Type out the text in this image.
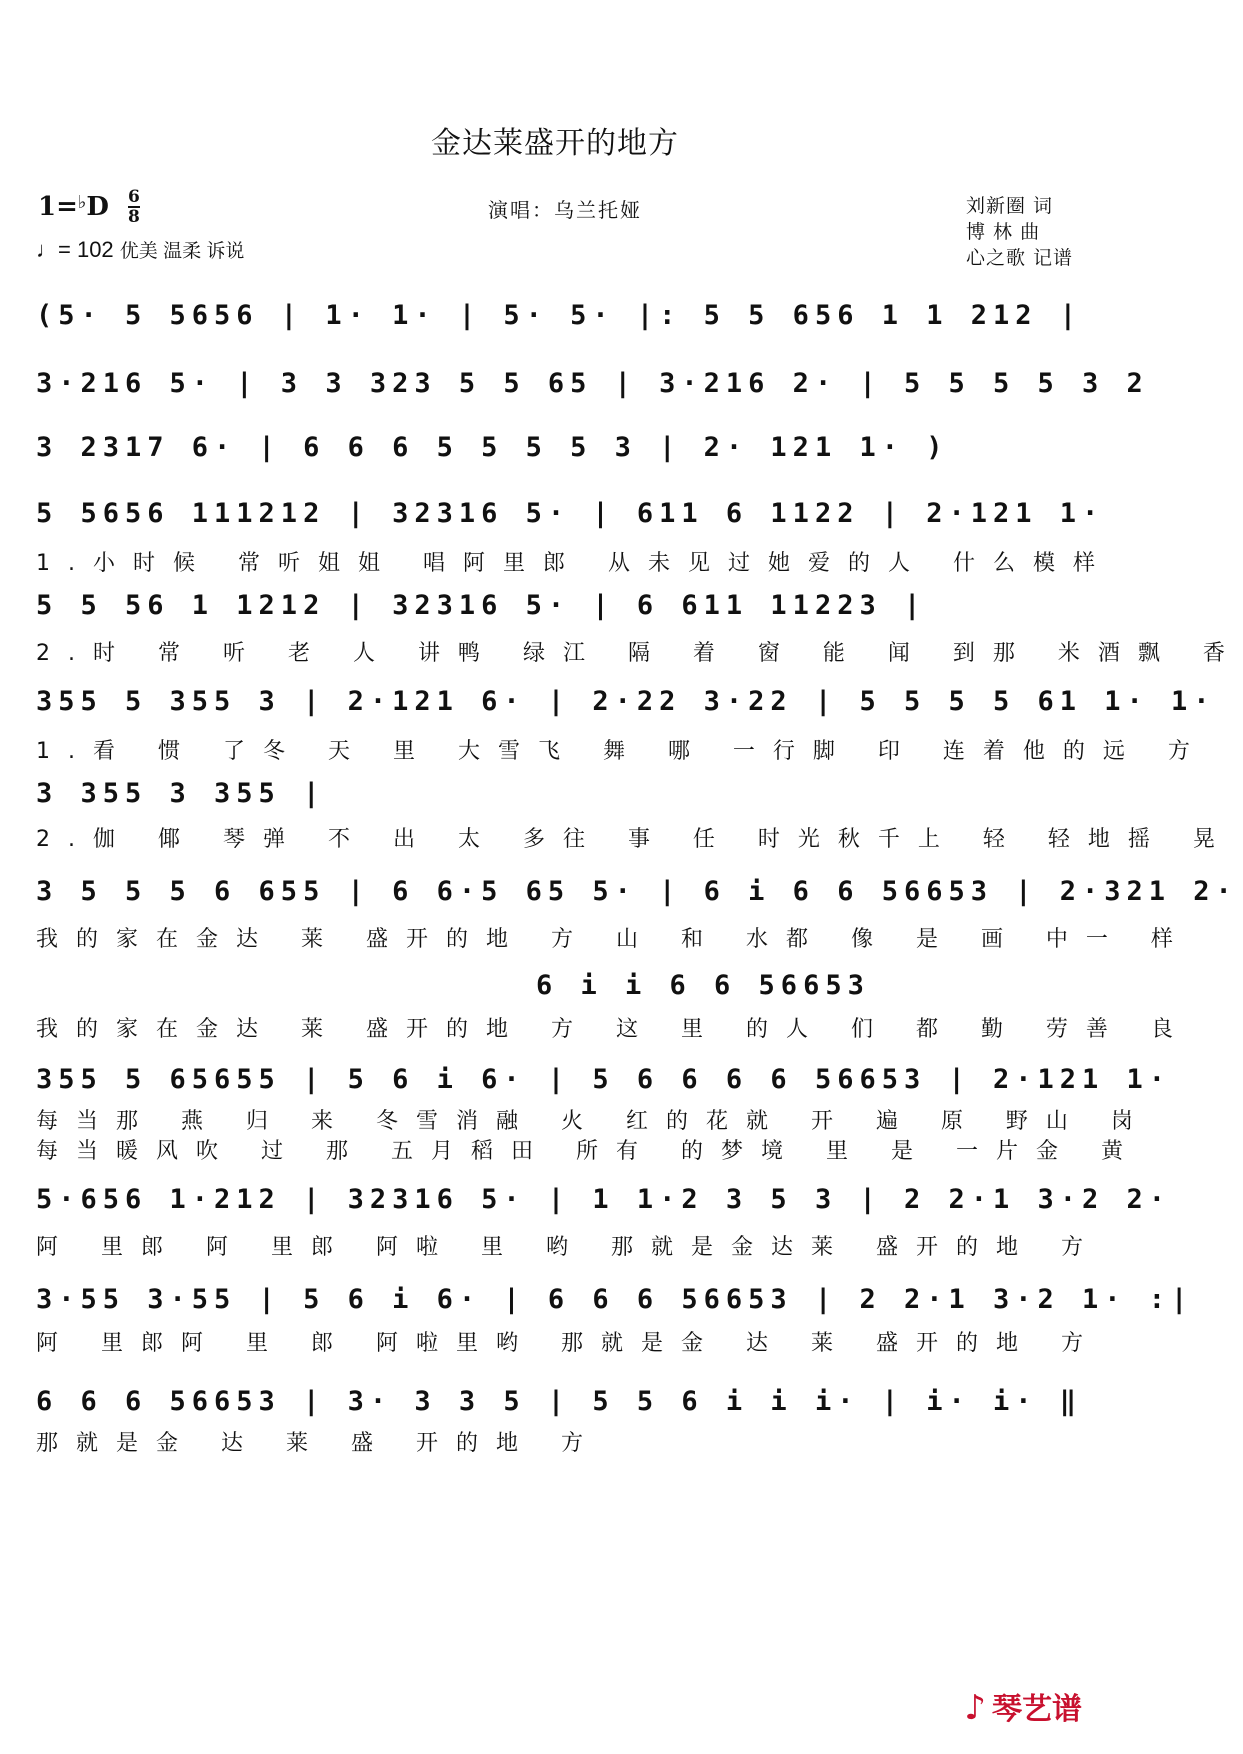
金达莱盛开的地方
1=♭D 6
8
♩= 102 优美 温柔 诉说
演唱：乌兰托娅	刘新圈 词
博 林 曲
心之歌 记谱
(5· 5 5656 | 1· 1· | 5· 5· |: 5 5 656 1 1 212 |
3·216 5· | 3 3 323 5 5 65 | 3·216 2· | 5 5 5 5 3 2
3 2317 6· | 6 6 6 5 5 5 5 3 | 2· 121 1· )
5 5656 111212 | 32316 5· | 611 6 1122 | 2·121 1·
1.小时候 常听姐姐 唱阿里郎 从未见过她爱的人 什么模样
5 5 56 1 1212 | 32316 5· | 6 611 11223 |
2.时 常 听 老 人 讲鸭 绿江 隔 着 窗 能 闻 到那 米酒飘 香
355 5 355 3 | 2·121 6· | 2·22 3·22 | 5 5 5 5 61 1· 1·
1.看 惯 了冬 天 里 大雪飞 舞 哪 一行脚 印 连着他的远 方
3 355 3 355 |
2.伽 倻 琴弹 不 出 太 多往 事 任 时光秋千上 轻 轻地摇 晃
3 5 5 5 6 655 | 6 6·5 65 5· | 6 i 6 6 56653 | 2·321 2·
我的家在金达 莱 盛开的地 方 山 和 水都 像 是 画 中一 样
6 i i 6 6 56653
我的家在金达 莱 盛开的地 方 这 里 的人 们 都 勤 劳善 良
355 5 65655 | 5 6 i 6· | 5 6 6 6 6 56653 | 2·121 1·
每当那 燕 归 来 冬雪消融 火 红的花就 开 遍 原 野山 岗
每当暖风吹 过 那 五月稻田 所有 的梦境 里 是 一片金 黄
5·656 1·212 | 32316 5· | 1 1·2 3 5 3 | 2 2·1 3·2 2·
阿 里郎 阿 里郎 阿啦 里 哟 那就是金达莱 盛开的地 方
3·55 3·55 | 5 6 i 6· | 6 6 6 56653 | 2 2·1 3·2 1· :|
阿 里郎阿 里 郎 阿啦里哟 那就是金 达 莱 盛开的地 方
6 6 6 56653 | 3· 3 3 5 | 5 5 6 i i i· | i· i· ‖
那就是金 达 莱 盛 开的地 方
♪ 琴艺谱
